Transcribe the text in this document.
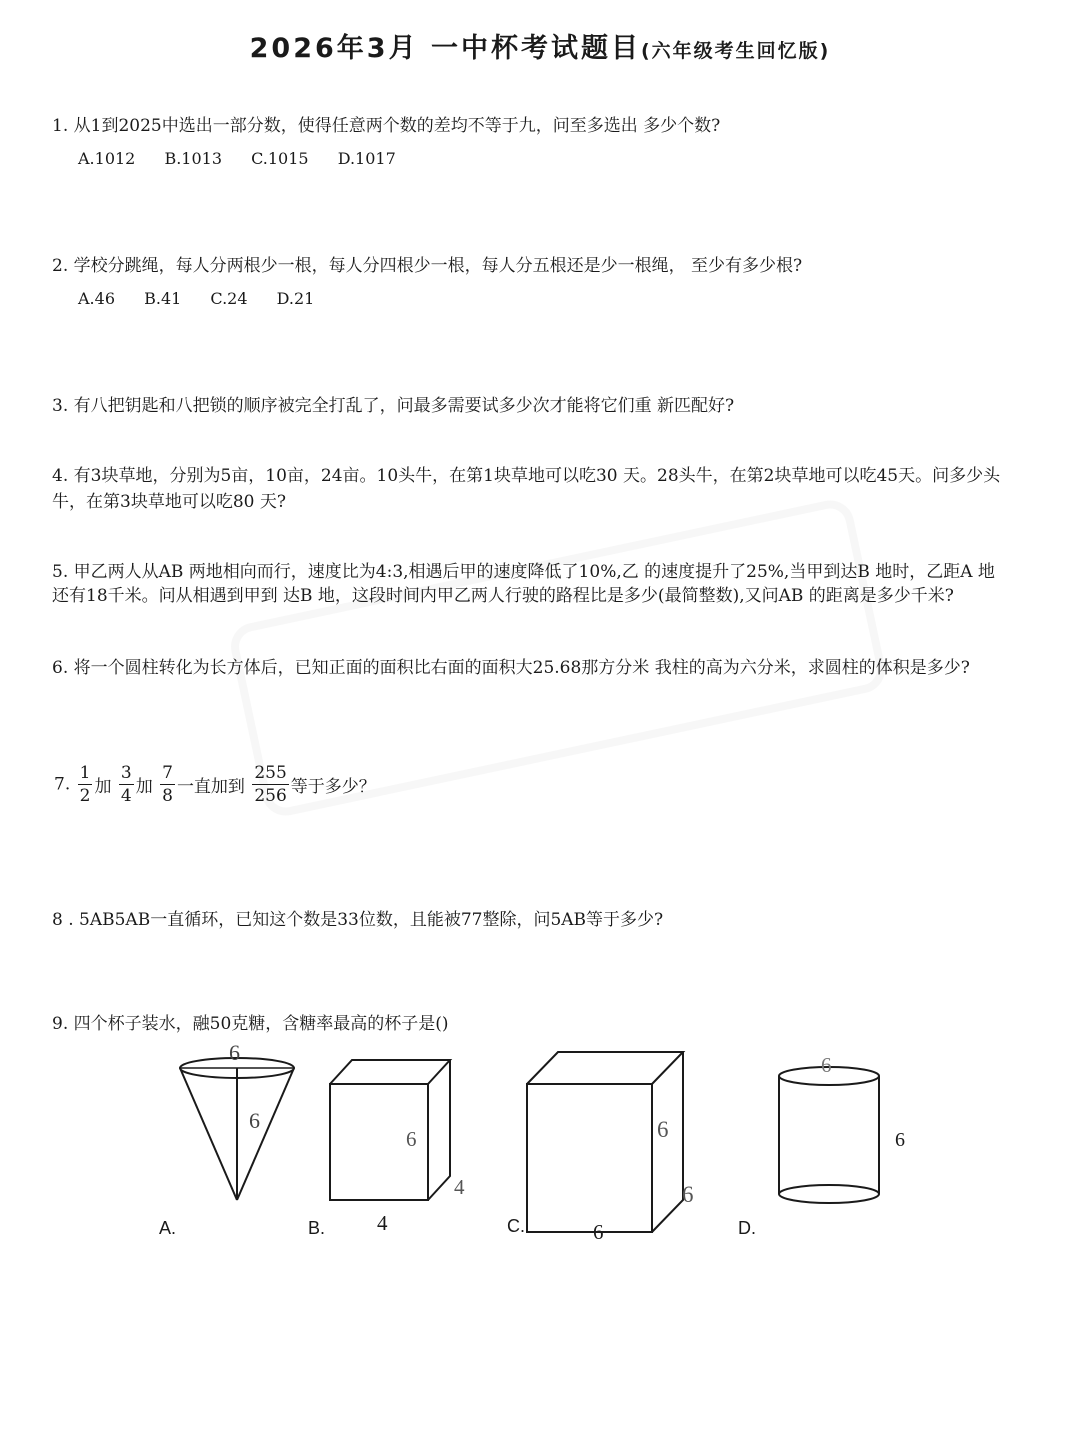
2026年3月 一中杯考试题目(六年级考生回忆版)
1. 从1到2025中选出一部分数，使得任意两个数的差均不等于九，问至多选出 多少个数?
A.1012 B.1013 C.1015 D.1017
2. 学校分跳绳，每人分两根少一根，每人分四根少一根，每人分五根还是少一根绳， 至少有多少根?
A.46 B.41 C.24 D.21
3. 有八把钥匙和八把锁的顺序被完全打乱了，问最多需要试多少次才能将它们重 新匹配好?
4. 有3块草地，分别为5亩，10亩，24亩。10头牛，在第1块草地可以吃30 天。28头牛，在第2块草地可以吃45天。问多少头
牛，在第3块草地可以吃80 天?
5. 甲乙两人从AB 两地相向而行，速度比为4:3,相遇后甲的速度降低了10%,乙 的速度提升了25%,当甲到达B 地时，乙距A 地
还有18千米。问从相遇到甲到 达B 地，这段时间内甲乙两人行驶的路程比是多少(最简整数),又问AB 的距离是多少千米?
6. 将一个圆柱转化为长方体后，已知正面的面积比右面的面积大25.68那方分米 我柱的高为六分米，求圆柱的体积是多少?
7. $\frac{1}{2}$ 加 $\frac{3}{4}$ 加 $\frac{7}{8}$ 一直加到 $\frac{255}{256}$ 等于多少？
8 . 5AB5AB一直循环，已知这个数是33位数，且能被77整除，问5AB等于多少?
9. 四个杯子装水，融50克糖，含糖率最高的杯子是()
6
6
6
4
4
6
6
6
6
6
A.	B.	C.	D.
